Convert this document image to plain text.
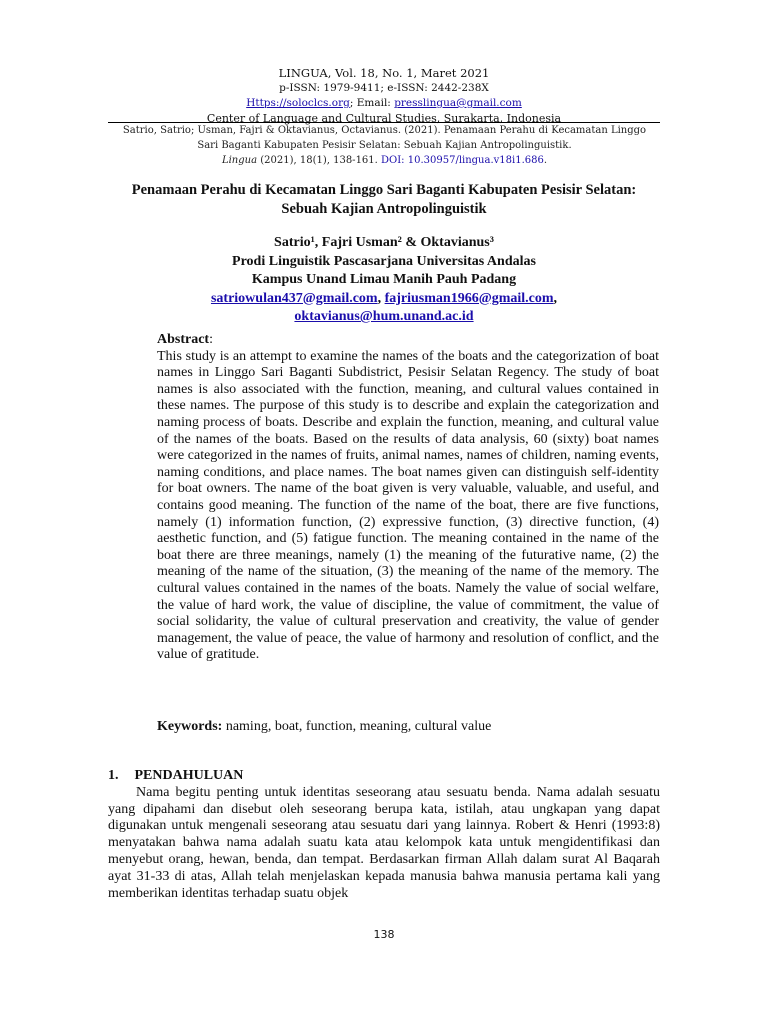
LINGUA, Vol. 18, No. 1, Maret 2021
p-ISSN: 1979-9411; e-ISSN: 2442-238X
Https://soloclcs.org; Email: presslingua@gmail.com
Center of Language and Cultural Studies, Surakarta, Indonesia
Satrio, Satrio; Usman, Fajri & Oktavianus, Octavianus. (2021). Penamaan Perahu di Kecamatan Linggo
Sari Baganti Kabupaten Pesisir Selatan: Sebuah Kajian Antropolinguistik.
Lingua (2021), 18(1), 138-161. DOI: 10.30957/lingua.v18i1.686.
Penamaan Perahu di Kecamatan Linggo Sari Baganti Kabupaten Pesisir Selatan:
Sebuah Kajian Antropolinguistik
Satrio¹, Fajri Usman² & Oktavianus³
Prodi Linguistik Pascasarjana Universitas Andalas
Kampus Unand Limau Manih Pauh Padang
satriowulan437@gmail.com, fajriusman1966@gmail.com,
oktavianus@hum.unand.ac.id
Abstract:
This study is an attempt to examine the names of the boats and the categorization of boat names in Linggo Sari Baganti Subdistrict, Pesisir Selatan Regency. The study of boat names is also associated with the function, meaning, and cultural values contained in these names. The purpose of this study is to describe and explain the categorization and naming process of boats. Describe and explain the function, meaning, and cultural value of the names of the boats. Based on the results of data analysis, 60 (sixty) boat names were categorized in the names of fruits, animal names, names of children, naming events, naming conditions, and place names. The boat names given can distinguish self-identity for boat owners. The name of the boat given is very valuable, valuable, and useful, and contains good meaning. The function of the name of the boat, there are five functions, namely (1) information function, (2) expressive function, (3) directive function, (4) aesthetic function, and (5) fatigue function. The meaning contained in the name of the boat there are three meanings, namely (1) the meaning of the futurative name, (2) the meaning of the name of the situation, (3) the meaning of the name of the memory. The cultural values contained in the names of the boats. Namely the value of social welfare, the value of hard work, the value of discipline, the value of commitment, the value of social solidarity, the value of cultural preservation and creativity, the value of gender management, the value of peace, the value of harmony and resolution of conflict, and the value of gratitude.
Keywords: naming, boat, function, meaning, cultural value
1. PENDAHULUAN
Nama begitu penting untuk identitas seseorang atau sesuatu benda. Nama adalah sesuatu yang dipahami dan disebut oleh seseorang berupa kata, istilah, atau ungkapan yang dapat digunakan untuk mengenali seseorang atau sesuatu dari yang lainnya. Robert & Henri (1993:8) menyatakan bahwa nama adalah suatu kata atau kelompok kata untuk mengidentifikasi dan menyebut orang, hewan, benda, dan tempat. Berdasarkan firman Allah dalam surat Al Baqarah ayat 31-33 di atas, Allah telah menjelaskan kepada manusia bahwa manusia pertama kali yang memberikan identitas terhadap suatu objek
138
